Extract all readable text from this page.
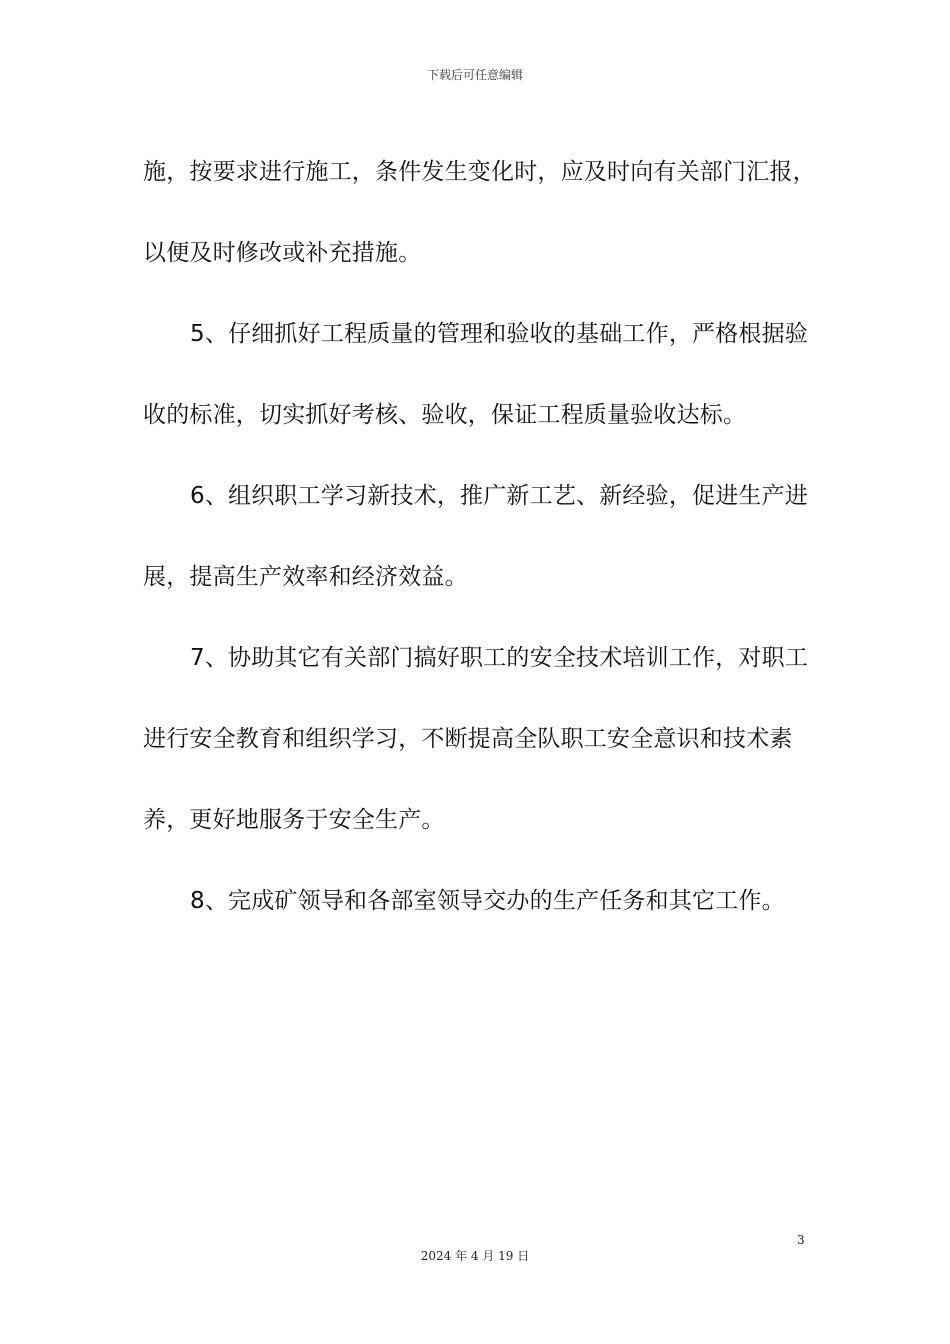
下载后可任意编辑
施，按要求进行施工，条件发生变化时，应及时向有关部门汇报，
以便及时修改或补充措施。
5、仔细抓好工程质量的管理和验收的基础工作，严格根据验
收的标准，切实抓好考核、验收，保证工程质量验收达标。
6、组织职工学习新技术，推广新工艺、新经验，促进生产进
展，提高生产效率和经济效益。
7、协助其它有关部门搞好职工的安全技术培训工作，对职工
进行安全教育和组织学习，不断提高全队职工安全意识和技术素
养，更好地服务于安全生产。
8、完成矿领导和各部室领导交办的生产任务和其它工作。
3
2024 年 4 月 19 日
